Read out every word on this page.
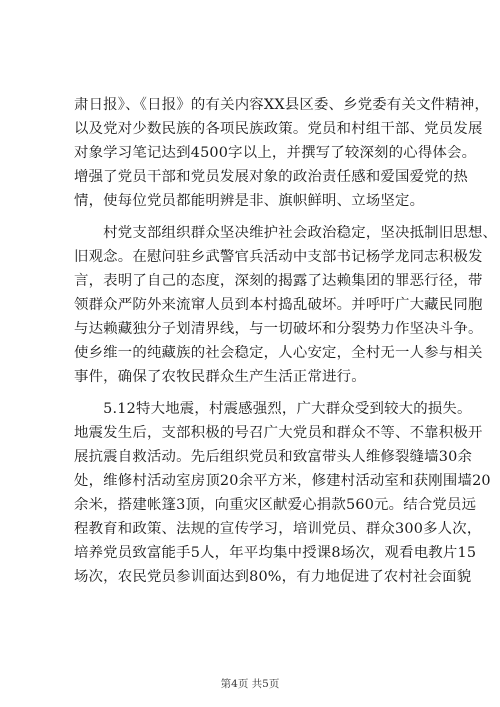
肃日报》、《日报》的有关内容XX县区委、乡党委有关文件精神，
以及党对少数民族的各项民族政策。党员和村组干部、党员发展
对象学习笔记达到4500字以上，并撰写了较深刻的心得体会。
增强了党员干部和党员发展对象的政治责任感和爱国爱党的热
情，使每位党员都能明辨是非、旗帜鲜明、立场坚定。
　　村党支部组织群众坚决维护社会政治稳定，坚决抵制旧思想、
旧观念。在慰问驻乡武警官兵活动中支部书记杨学龙同志积极发
言，表明了自己的态度，深刻的揭露了达赖集团的罪恶行径，带
领群众严防外来流窜人员到本村捣乱破坏。并呼吁广大藏民同胞
与达赖藏独分子划清界线，与一切破坏和分裂势力作坚决斗争。
使乡维一的纯藏族的社会稳定，人心安定，全村无一人参与相关
事件，确保了农牧民群众生产生活正常进行。
　　5.12特大地震，村震感强烈，广大群众受到较大的损失。
地震发生后，支部积极的号召广大党员和群众不等、不靠积极开
展抗震自救活动。先后组织党员和致富带头人维修裂缝墙30余
处，维修村活动室房顶20余平方米，修建村活动室和获刚围墙20
余米，搭建帐篷3顶，向重灾区献爱心捐款560元。结合党员远
程教育和政策、法规的宣传学习，培训党员、群众300多人次，
培养党员致富能手5人，年平均集中授课8场次，观看电教片15
场次，农民党员参训面达到80%，有力地促进了农村社会面貌
第4页 共5页
